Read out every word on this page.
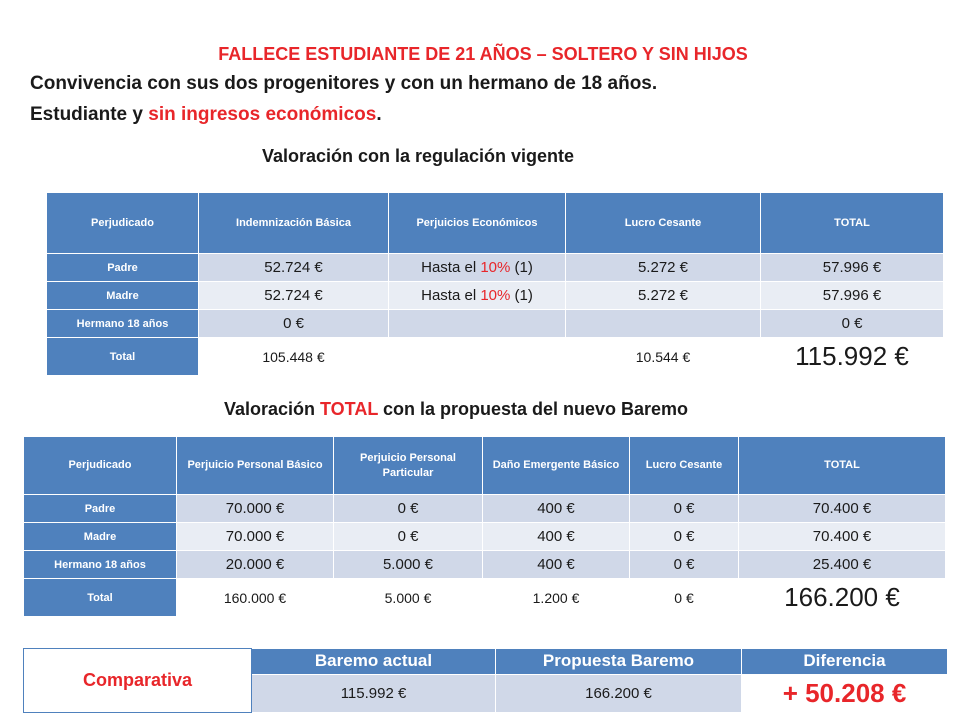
FALLECE ESTUDIANTE DE 21 AÑOS – SOLTERO Y SIN HIJOS
Convivencia con sus dos progenitores y con un hermano de 18 años.
Estudiante y sin ingresos económicos.
Valoración con la regulación vigente
Perjudicado	Indemnización Básica	Perjuicios Económicos	Lucro Cesante	TOTAL
Padre	52.724 €	Hasta el 10% (1)	5.272 €	57.996 €
Madre	52.724 €	Hasta el 10% (1)	5.272 €	57.996 €
Hermano 18 años	0 €			0 €
Total	105.448 €		10.544 €	115.992 €
Valoración TOTAL con la propuesta del nuevo Baremo
Perjudicado	Perjuicio Personal Básico	Perjuicio Personal Particular	Daño Emergente Básico	Lucro Cesante	TOTAL
Padre	70.000 €	0 €	400 €	0 €	70.400 €
Madre	70.000 €	0 €	400 €	0 €	70.400 €
Hermano 18 años	20.000 €	5.000 €	400 €	0 €	25.400 €
Total	160.000 €	5.000 €	1.200 €	0 €	166.200 €
Comparativa	Baremo actual	Propuesta Baremo	Diferencia
	115.992 €	166.200 €	+ 50.208 €
